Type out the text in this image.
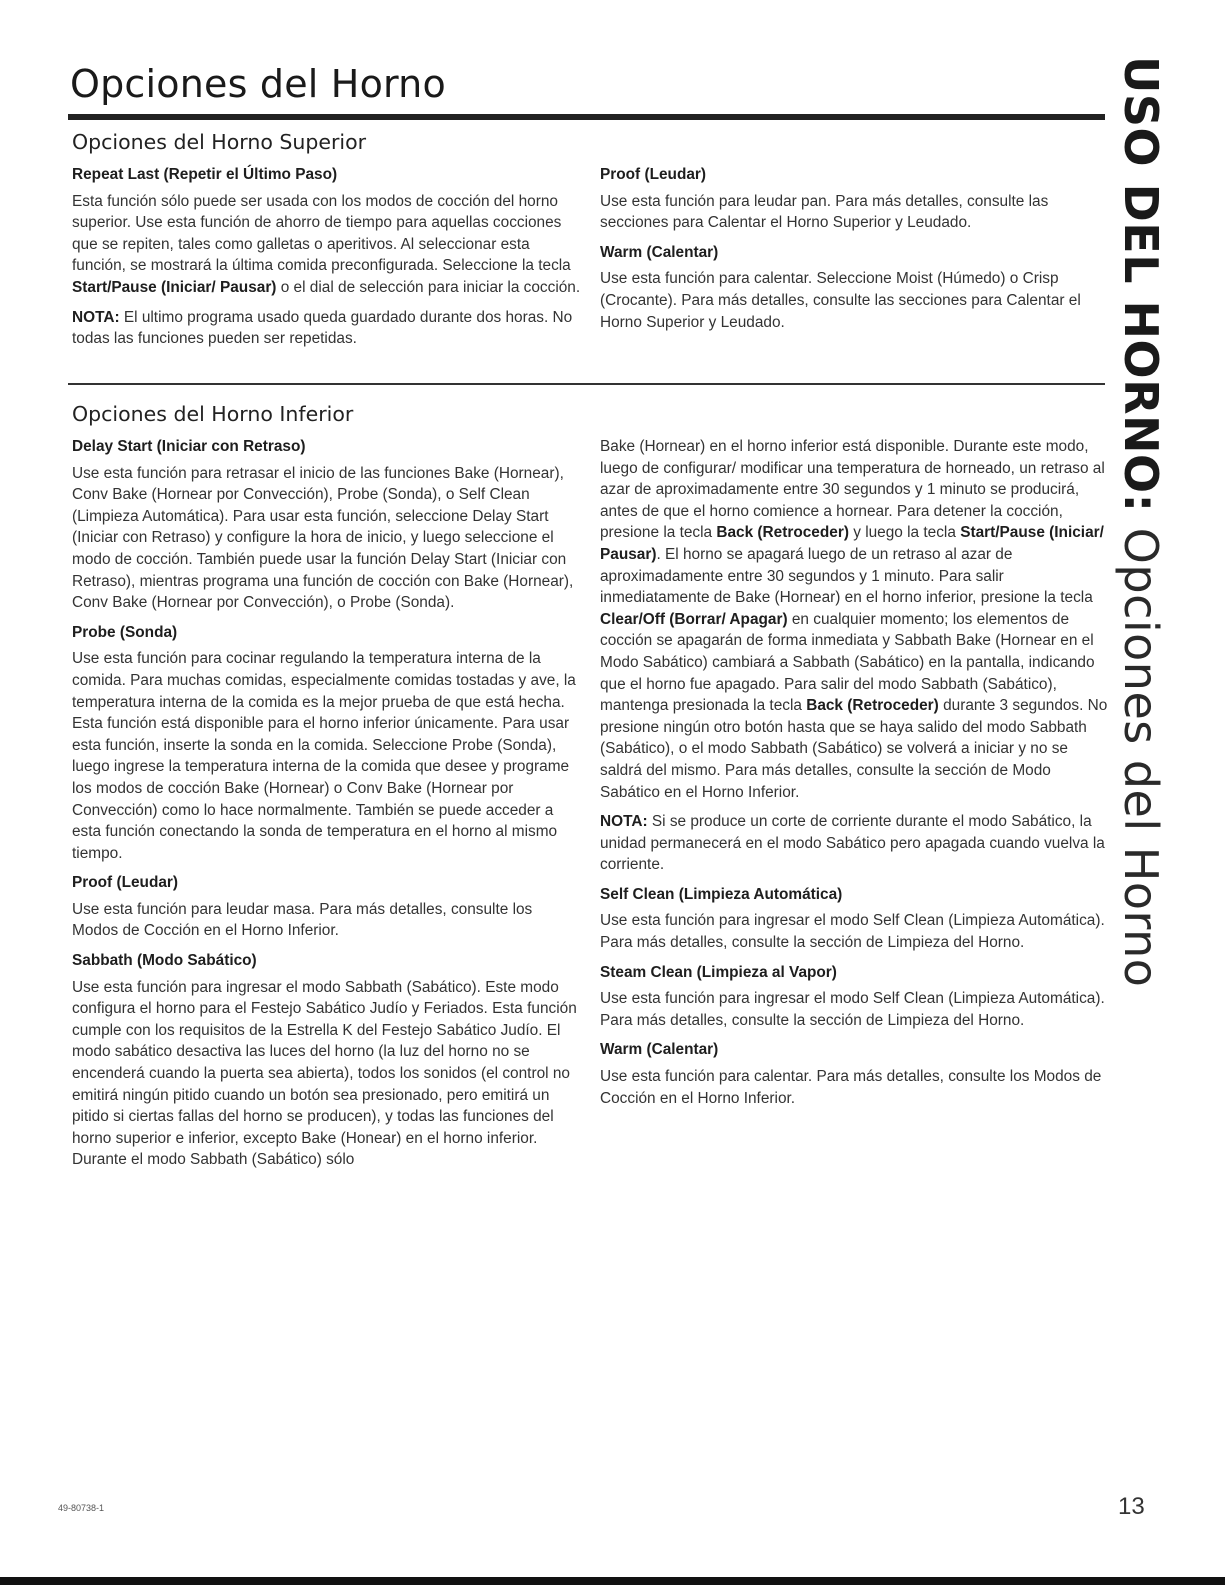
Opciones del Horno
Opciones del Horno Superior

Repeat Last (Repetir el Último Paso)

Esta función sólo puede ser usada con los modos de cocción del horno superior. Use esta función de ahorro de tiempo para aquellas cocciones que se repiten, tales como galletas o aperitivos. Al seleccionar esta función, se mostrará la última comida preconfigurada. Seleccione la tecla Start/Pause (Iniciar/ Pausar) o el dial de selección para iniciar la cocción.

NOTA: El ultimo programa usado queda guardado durante dos horas. No todas las funciones pueden ser repetidas.

Proof (Leudar)

Use esta función para leudar pan. Para más detalles, consulte las secciones para Calentar el Horno Superior y Leudado.

Warm (Calentar)

Use esta función para calentar. Seleccione Moist (Húmedo) o Crisp (Crocante). Para más detalles, consulte las secciones para Calentar el Horno Superior y Leudado.

Opciones del Horno Inferior

Delay Start (Iniciar con Retraso)

Use esta función para retrasar el inicio de las funciones Bake (Hornear), Conv Bake (Hornear por Convección), Probe (Sonda), o Self Clean (Limpieza Automática). Para usar esta función, seleccione Delay Start (Iniciar con Retraso) y configure la hora de inicio, y luego seleccione el modo de cocción. También puede usar la función Delay Start (Iniciar con Retraso), mientras programa una función de cocción con Bake (Hornear), Conv Bake (Hornear por Convección), o Probe (Sonda).

Probe (Sonda)

Use esta función para cocinar regulando la temperatura interna de la comida. Para muchas comidas, especialmente comidas tostadas y ave, la temperatura interna de la comida es la mejor prueba de que está hecha. Esta función está disponible para el horno inferior únicamente. Para usar esta función, inserte la sonda en la comida. Seleccione Probe (Sonda), luego ingrese la temperatura interna de la comida que desee y programe los modos de cocción Bake (Hornear) o Conv Bake (Hornear por Convección) como lo hace normalmente. También se puede acceder a esta función conectando la sonda de temperatura en el horno al mismo tiempo.

Proof (Leudar)

Use esta función para leudar masa. Para más detalles, consulte los Modos de Cocción en el Horno Inferior.

Sabbath (Modo Sabático)

Use esta función para ingresar el modo Sabbath (Sabático). Este modo configura el horno para el Festejo Sabático Judío y Feriados. Esta función cumple con los requisitos de la Estrella K del Festejo Sabático Judío. El modo sabático desactiva las luces del horno (la luz del horno no se encenderá cuando la puerta sea abierta), todos los sonidos (el control no emitirá ningún pitido cuando un botón sea presionado, pero emitirá un pitido si ciertas fallas del horno se producen), y todas las funciones del horno superior e inferior, excepto Bake (Honear) en el horno inferior. Durante el modo Sabbath (Sabático) sólo

Bake (Hornear) en el horno inferior está disponible. Durante este modo, luego de configurar/ modificar una temperatura de horneado, un retraso al azar de aproximadamente entre 30 segundos y 1 minuto se producirá, antes de que el horno comience a hornear. Para detener la cocción, presione la tecla Back (Retroceder) y luego la tecla Start/Pause (Iniciar/ Pausar). El horno se apagará luego de un retraso al azar de aproximadamente entre 30 segundos y 1 minuto. Para salir inmediatamente de Bake (Hornear) en el horno inferior, presione la tecla Clear/Off (Borrar/ Apagar) en cualquier momento; los elementos de cocción se apagarán de forma inmediata y Sabbath Bake (Hornear en el Modo Sabático) cambiará a Sabbath (Sabático) en la pantalla, indicando que el horno fue apagado. Para salir del modo Sabbath (Sabático), mantenga presionada la tecla Back (Retroceder) durante 3 segundos. No presione ningún otro botón hasta que se haya salido del modo Sabbath (Sabático), o el modo Sabbath (Sabático) se volverá a iniciar y no se saldrá del mismo. Para más detalles, consulte la sección de Modo Sabático en el Horno Inferior.

NOTA: Si se produce un corte de corriente durante el modo Sabático, la unidad permanecerá en el modo Sabático pero apagada cuando vuelva la corriente.

Self Clean (Limpieza Automática)

Use esta función para ingresar el modo Self Clean (Limpieza Automática). Para más detalles, consulte la sección de Limpieza del Horno.

Steam Clean (Limpieza al Vapor)

Use esta función para ingresar el modo Self Clean (Limpieza Automática). Para más detalles, consulte la sección de Limpieza del Horno.

Warm (Calentar)

Use esta función para calentar. Para más detalles, consulte los Modos de Cocción en el Horno Inferior.

USO DEL HORNO: Opciones del Horno
49-80738-1	13
